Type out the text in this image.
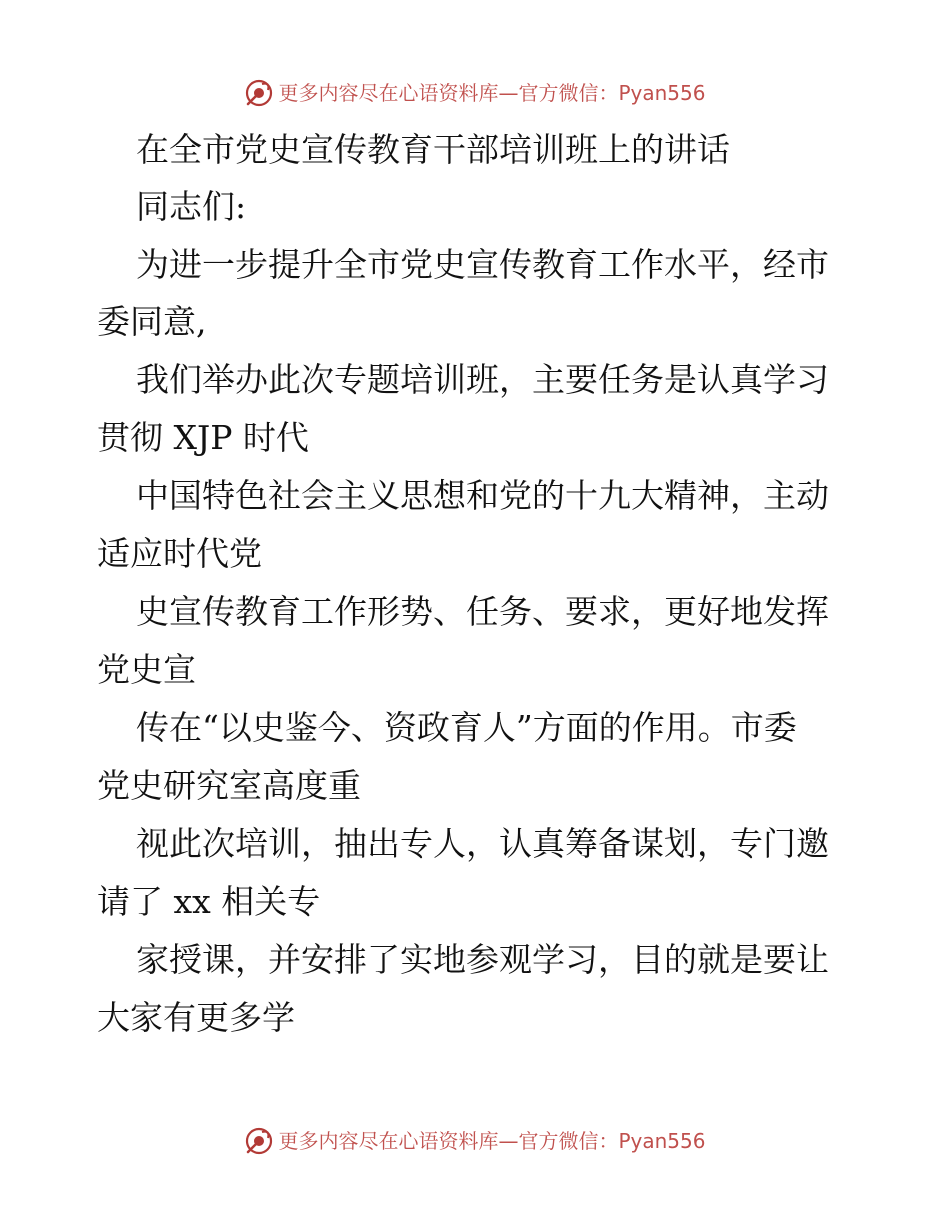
更多内容尽在心语资料库—官方微信：Pyan556
在全市党史宣传教育干部培训班上的讲话
同志们:
为进一步提升全市党史宣传教育工作水平，经市
委同意,
我们举办此次专题培训班，主要任务是认真学习
贯彻 XJP 时代
中国特色社会主义思想和党的十九大精神，主动
适应时代党
史宣传教育工作形势、任务、要求，更好地发挥
党史宣
传在“以史鉴今、资政育人”方面的作用。市委
党史研究室高度重
视此次培训，抽出专人，认真筹备谋划，专门邀
请了 xx 相关专
家授课，并安排了实地参观学习，目的就是要让
大家有更多学
更多内容尽在心语资料库—官方微信：Pyan556
